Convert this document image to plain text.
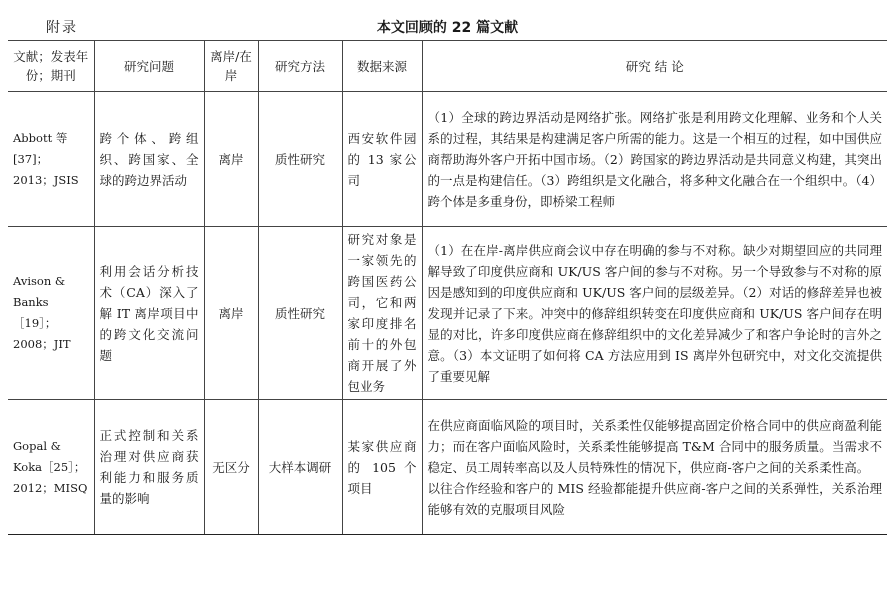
附录	本文回顾的 22 篇文献
文献；发表年份；期刊	研究问题	离岸/在岸	研究方法	数据来源	研究 结 论
Abbott 等[37]；2013；JSIS	跨个体、跨组织、跨国家、全球的跨边界活动	离岸	质性研究	西安软件园的 13 家公司	（1）全球的跨边界活动是网络扩张。网络扩张是利用跨文化理解、业务和个人关系的过程，其结果是构建满足客户所需的能力。这是一个相互的过程，如中国供应商帮助海外客户开拓中国市场。（2）跨国家的跨边界活动是共同意义构建，其突出的一点是构建信任。（3）跨组织是文化融合，将多种文化融合在一个组织中。（4）跨个体是多重身份，即桥梁工程师

Avison & Banks［19］；2008；JIT	利用会话分析技术（CA）深入了解 IT 离岸项目中的跨文化交流问题	离岸	质性研究	研究对象是一家领先的跨国医药公司，它和两家印度排名前十的外包商开展了外包业务	（1）在在岸-离岸供应商会议中存在明确的参与不对称。缺少对期望回应的共同理解导致了印度供应商和 UK/US 客户间的参与不对称。另一个导致参与不对称的原因是感知到的印度供应商和 UK/US 客户间的层级差异。（2）对话的修辞差异也被发现并记录了下来。冲突中的修辞组织转变在印度供应商和 UK/US 客户间存在明显的对比，许多印度供应商在修辞组织中的文化差异减少了和客户争论时的言外之意。（3）本文证明了如何将 CA 方法应用到 IS 离岸外包研究中，对文化交流提供了重要见解

Gopal & Koka［25］；2012；MISQ	正式控制和关系治理对供应商获利能力和服务质量的影响	无区分	大样本调研	某家供应商的 105 个项目	在供应商面临风险的项目时，关系柔性仅能够提高固定价格合同中的供应商盈利能力；而在客户面临风险时，关系柔性能够提高 T&M 合同中的服务质量。当需求不稳定、员工周转率高以及人员特殊性的情况下，供应商-客户之间的关系柔性高。
以往合作经验和客户的 MIS 经验都能提升供应商-客户之间的关系弹性，关系治理能够有效的克服项目风险
